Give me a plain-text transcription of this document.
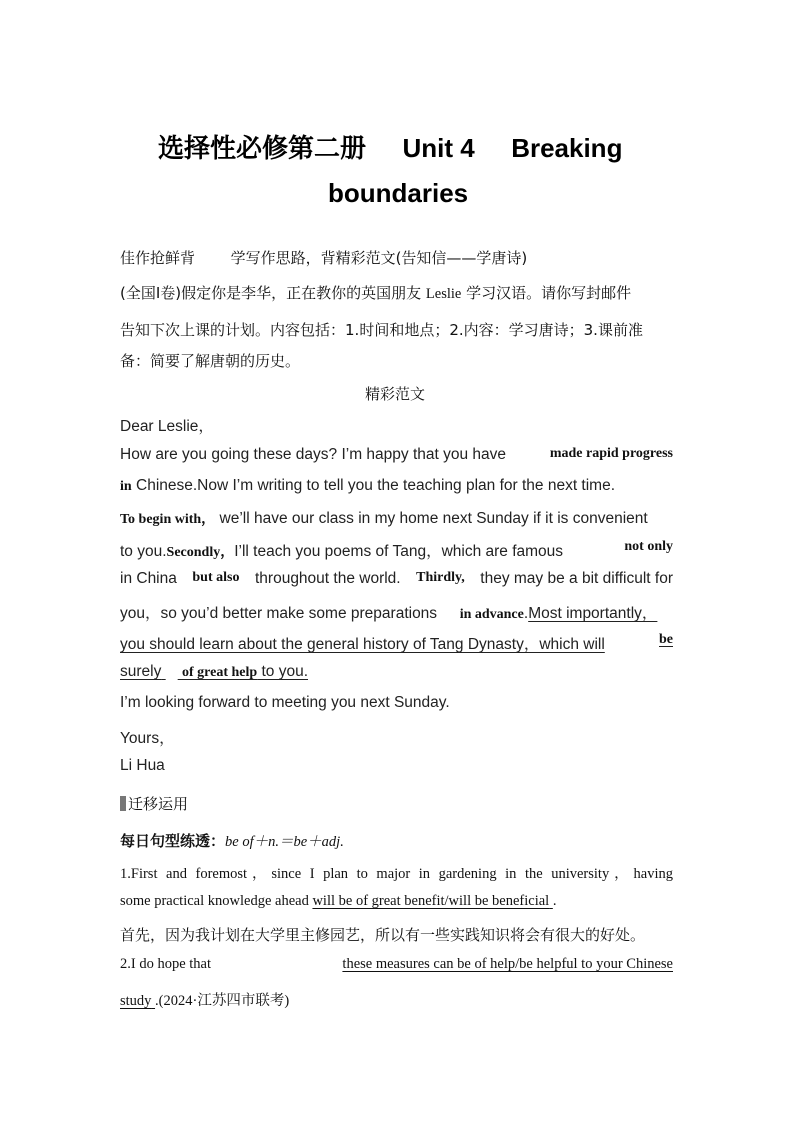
选择性必修第二册 Unit 4 Breaking
boundaries
佳作抢鲜背 学写作思路，背精彩范文(告知信——学唐诗)
(全国Ⅰ卷)假定你是李华，正在教你的英国朋友 Leslie 学习汉语。请你写封邮件
告知下次上课的计划。内容包括：1.时间和地点；2.内容：学习唐诗；3.课前准
备：简要了解唐朝的历史。
精彩范文
Dear Leslie，
How are you going these days? I’m happy that you have	made rapid progress
in Chinese.Now I’m writing to tell you the teaching plan for the next time.
To begin with， we’ll have our class in my home next Sunday if it is convenient
to you.Secondly，I’ll teach you poems of Tang，which are famous	not only
in China but also throughout the world. Thirdly, they may be a bit difficult for
you，so you’d better make some preparations in advance.Most importantly，
you should learn about the general history of Tang Dynasty，which will	be
surely of great help to you.
I’m looking forward to meeting you next Sunday.
Yours，
Li Hua
迁移运用
每日句型练透：be of＋n.＝be＋adj.
1.First and foremost，since I plan to major in gardening in the university，having
some practical knowledge ahead will be of great benefit/will be beneficial .
首先，因为我计划在大学里主修园艺，所以有一些实践知识将会有很大的好处。
2.I do hope that	these measures can be of help/be helpful to your Chinese
study .(2024·江苏四市联考)
